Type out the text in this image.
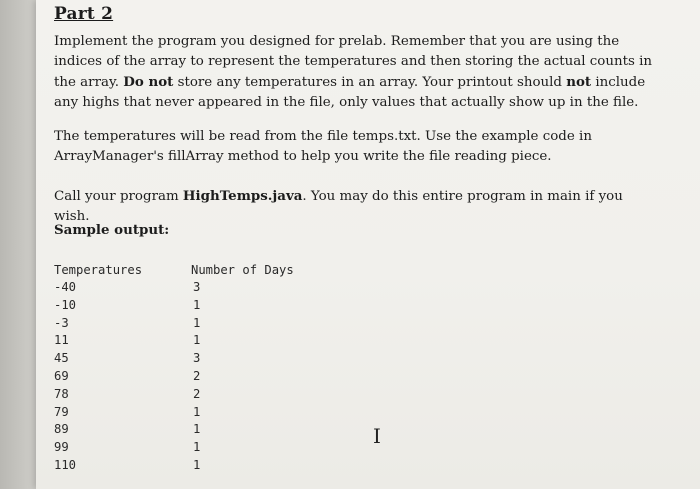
Part 2

Implement the program you designed for prelab. Remember that you are using the indices of the array to represent the temperatures and then storing the actual counts in the array. Do not store any temperatures in an array. Your printout should not include any highs that never appeared in the file, only values that actually show up in the file.

The temperatures will be read from the file temps.txt. Use the example code in ArrayManager's fillArray method to help you write the file reading piece.

Call your program HighTemps.java. You may do this entire program in main if you wish.

Sample output:
Temperatures	Number of Days
-40	3
-10	1
-3	1
11	1
45	3
69	2
78	2
79	1
89	1
99	1
110	1
I
